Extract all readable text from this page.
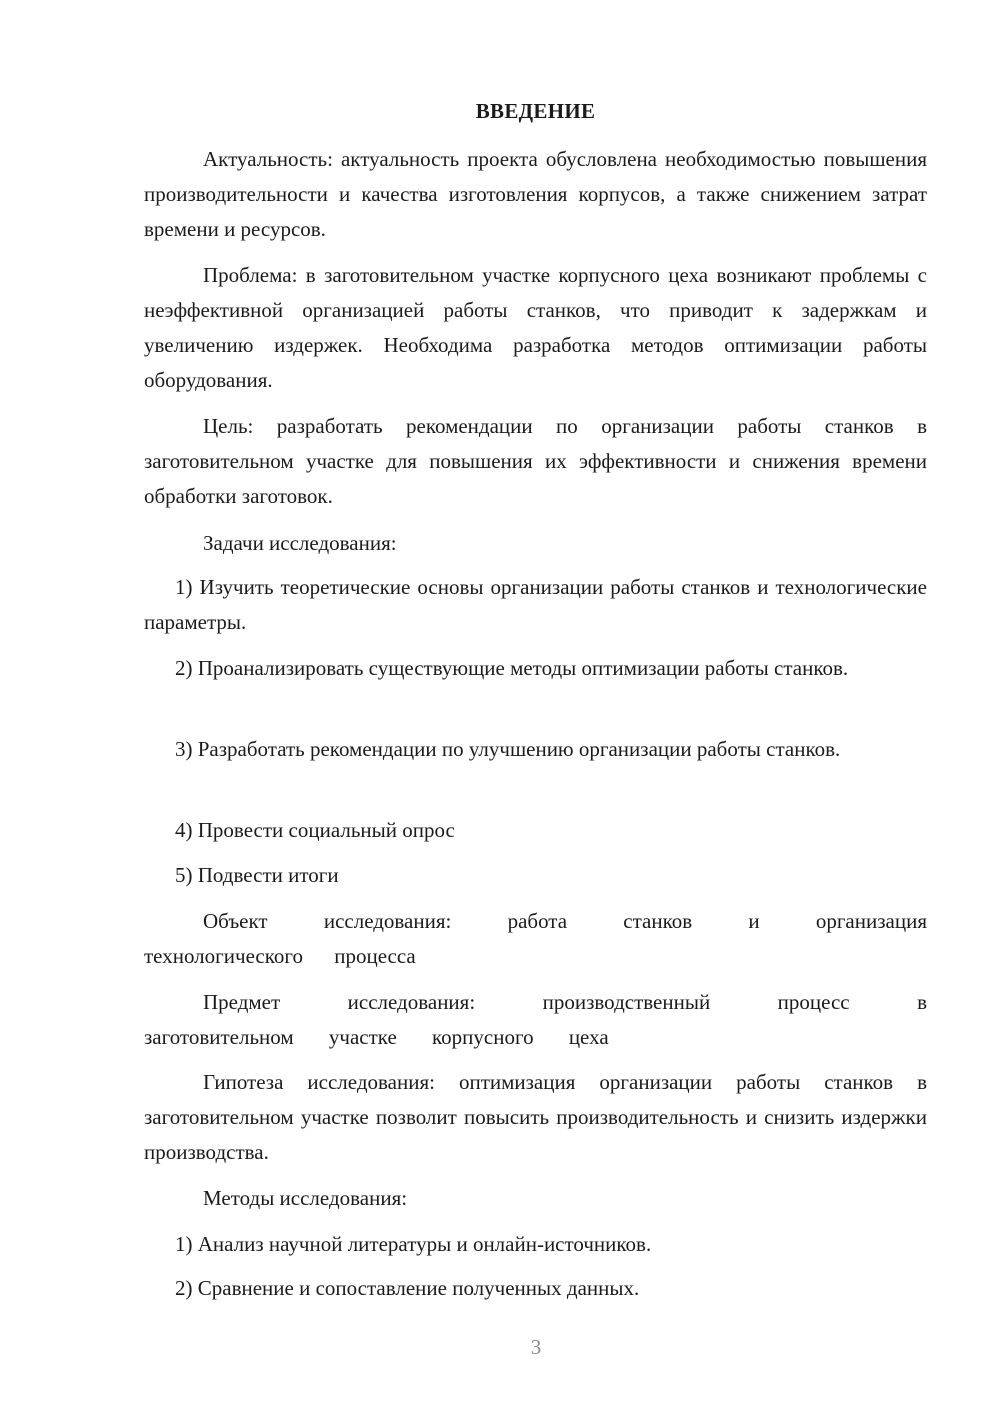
ВВЕДЕНИЕ

Актуальность: актуальность проекта обусловлена необходимостью повышения производительности и качества изготовления корпусов, а также снижением затрат времени и ресурсов.

Проблема: в заготовительном участке корпусного цеха возникают проблемы с неэффективной организацией работы станков, что приводит к задержкам и увеличению издержек. Необходима разработка методов оптимизации работы оборудования.

Цель: разработать рекомендации по организации работы станков в заготовительном участке для повышения их эффективности и снижения времени обработки заготовок.

Задачи исследования:

1) Изучить теоретические основы организации работы станков и технологические параметры.

2) Проанализировать существующие методы оптимизации работы станков.

3) Разработать рекомендации по улучшению организации работы станков.

4) Провести социальный опрос

5) Подвести итоги

Объект исследования: работа станков и организация технологического процесса

Предмет исследования: производственный процесс в заготовительном участке корпусного цеха

Гипотеза исследования: оптимизация организации работы станков в заготовительном участке позволит повысить производительность и снизить издержки производства.

Методы исследования:

1) Анализ научной литературы и онлайн-источников.

2) Сравнение и сопоставление полученных данных.

3
